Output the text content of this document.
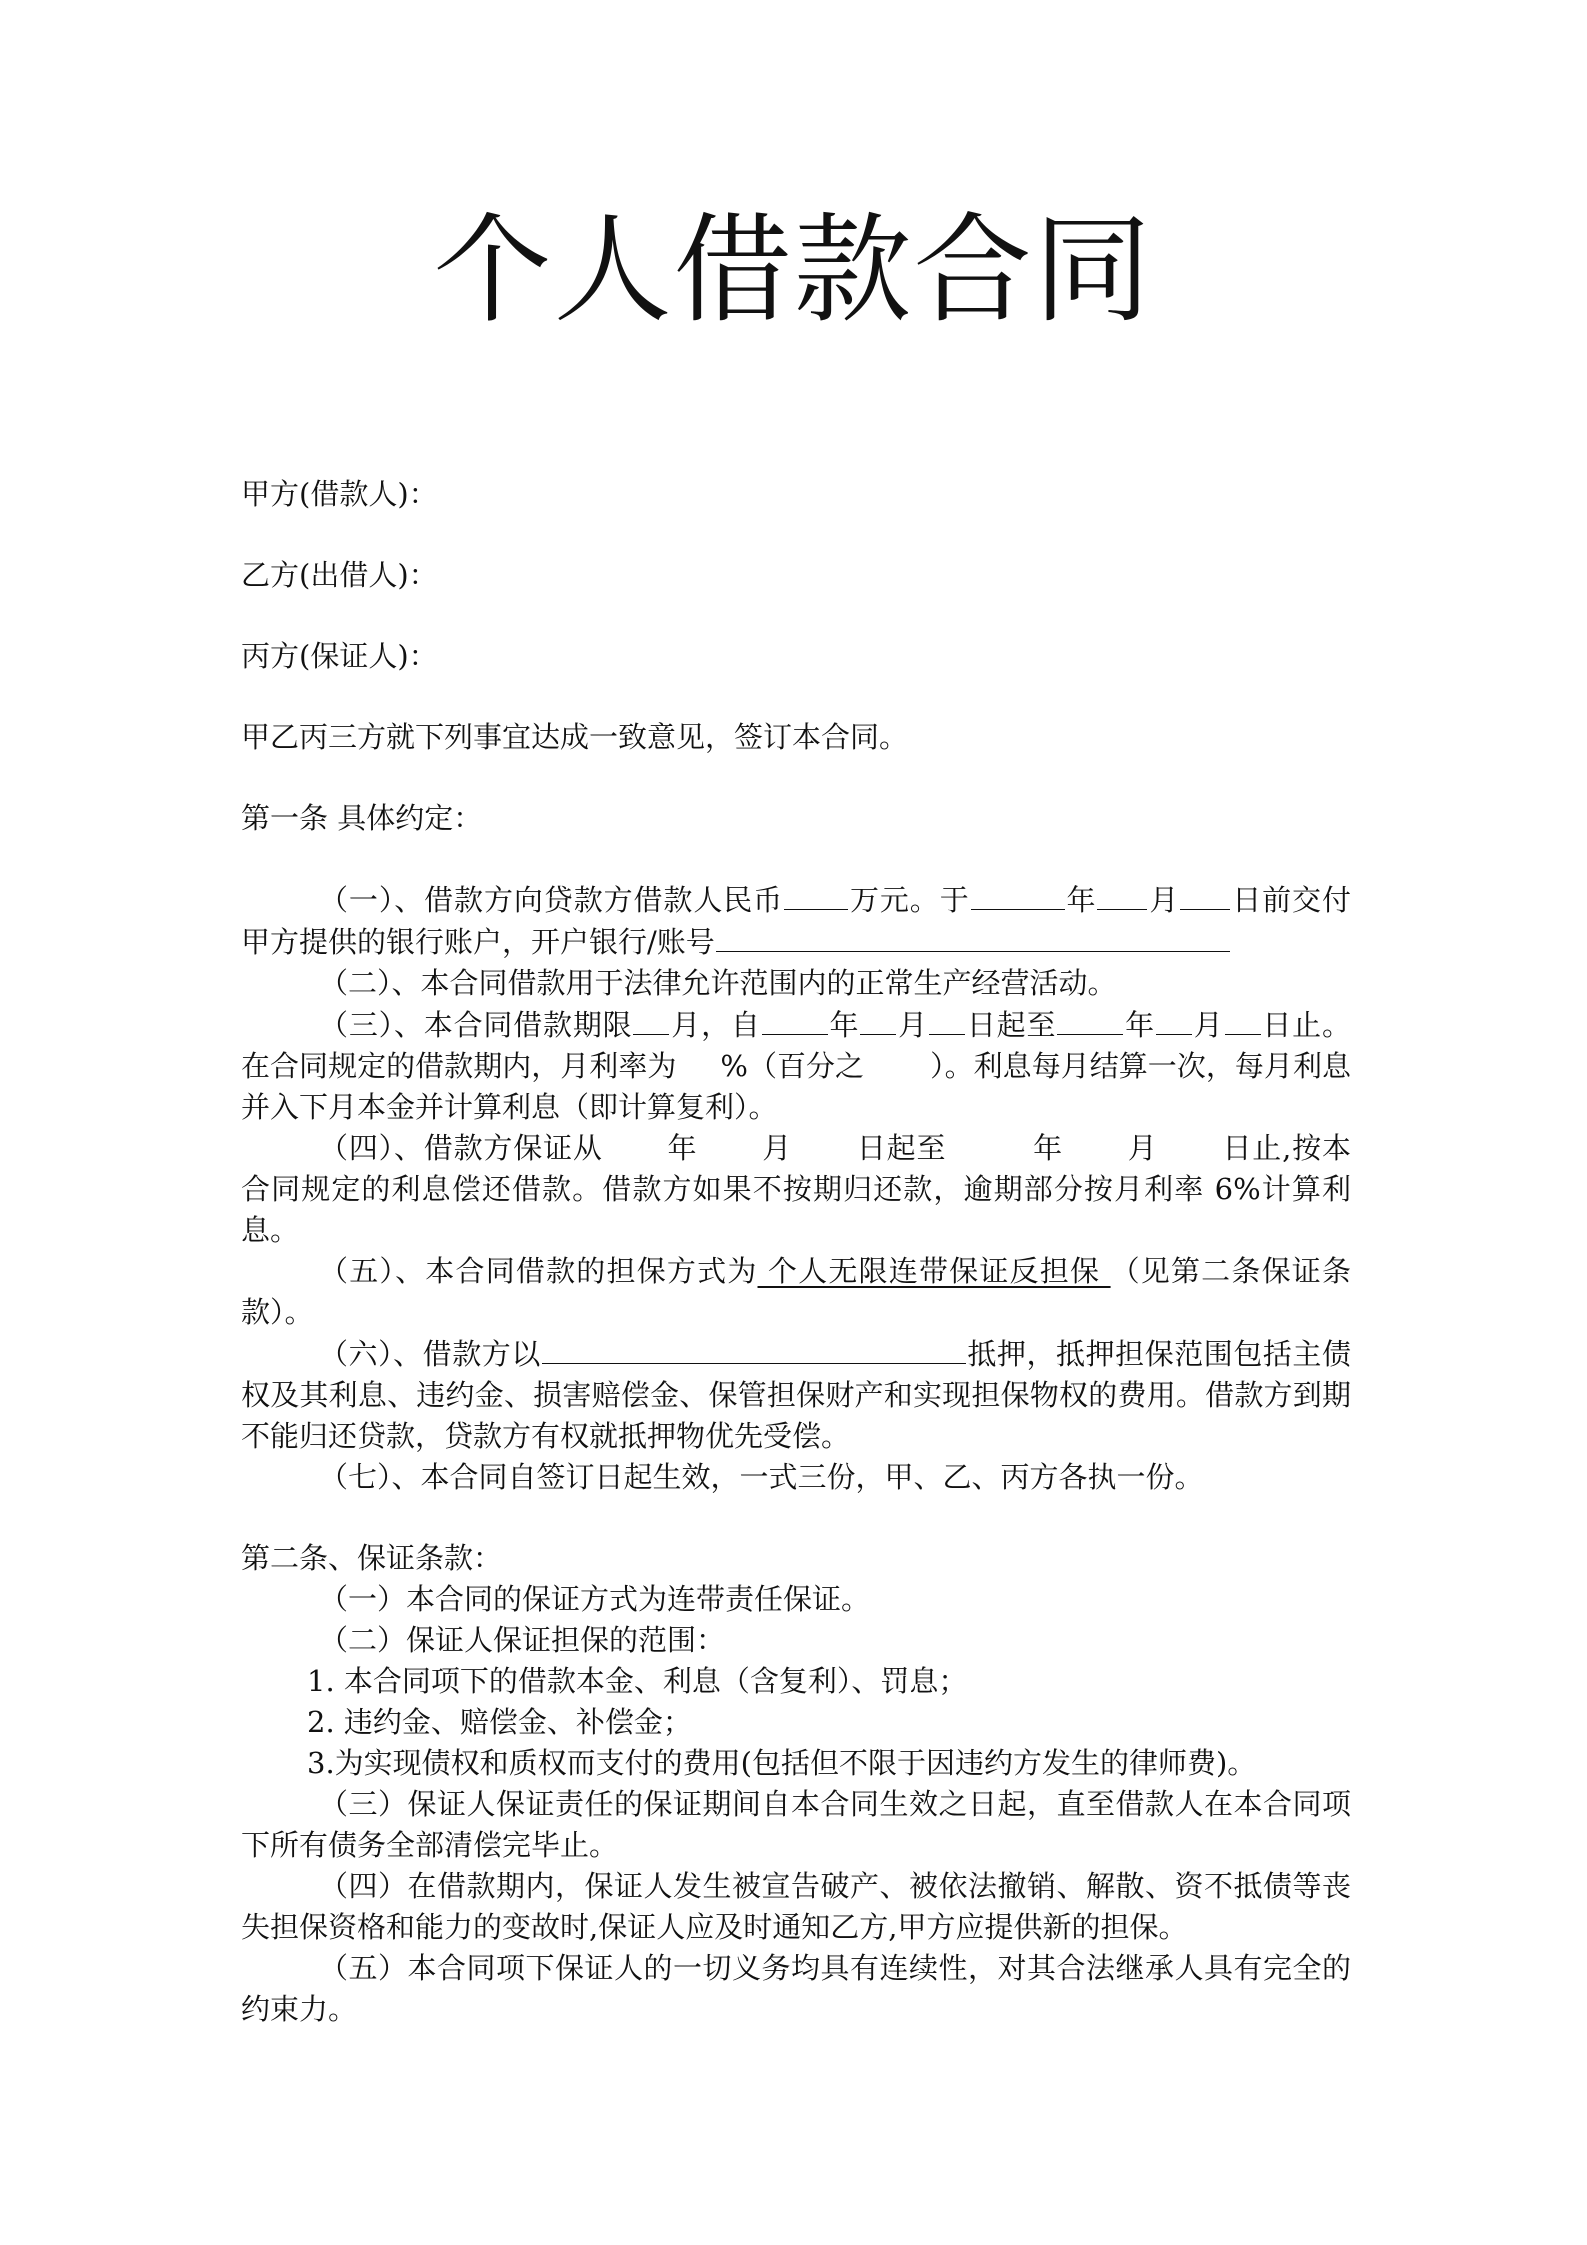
个人借款合同

甲方(借款人)：

乙方(出借人)：

丙方(保证人)：

甲乙丙三方就下列事宜达成一致意见，签订本合同。

第一条 具体约定：

（一）、借款方向贷款方借款人民币 万元。于	年 月 日前交付甲方提供的银行账户，开户银行/账号

（二）、本合同借款用于法律允许范围内的正常生产经营活动。

（三）、本合同借款期限 月，自 年 月 日起至 年 月 日止。在合同规定的借款期内，月利率为 %（百分之 ）。利息每月结算一次，每月利息并入下月本金并计算利息（即计算复利）。

（四）、借款方保证从 年 月 日起至	年 月 日止,按本合同规定的利息偿还借款。借款方如果不按期归还款，逾期部分按月利率 6%计算利息。

（五）、本合同借款的担保方式为 个人无限连带保证反担保 （见第二条保证条款）。

（六）、借款方以	抵押，抵押担保范围包括主债权及其利息、违约金、损害赔偿金、保管担保财产和实现担保物权的费用。借款方到期不能归还贷款，贷款方有权就抵押物优先受偿。

（七）、本合同自签订日起生效，一式三份，甲、乙、丙方各执一份。

第二条、保证条款：

（一）本合同的保证方式为连带责任保证。

（二）保证人保证担保的范围：

1. 本合同项下的借款本金、利息（含复利）、罚息；

2. 违约金、赔偿金、补偿金；

3.为实现债权和质权而支付的费用(包括但不限于因违约方发生的律师费)。

（三）保证人保证责任的保证期间自本合同生效之日起，直至借款人在本合同项下所有债务全部清偿完毕止。

（四）在借款期内，保证人发生被宣告破产、被依法撤销、解散、资不抵债等丧失担保资格和能力的变故时,保证人应及时通知乙方,甲方应提供新的担保。

（五）本合同项下保证人的一切义务均具有连续性，对其合法继承人具有完全的约束力。
